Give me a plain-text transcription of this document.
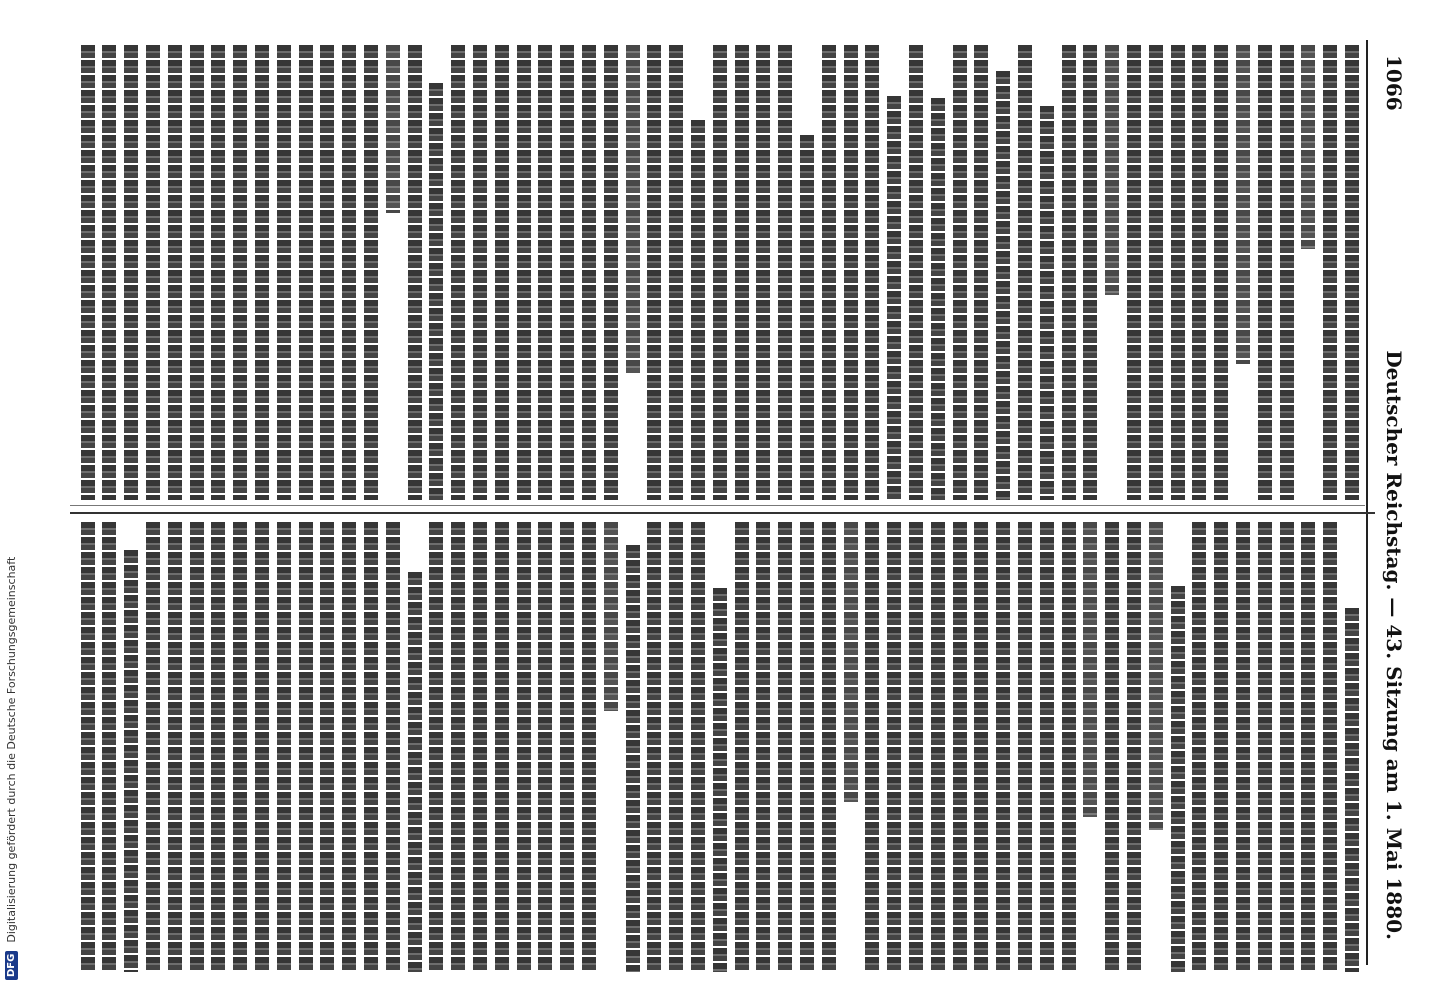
1066
Deutscher Reichstag. — 43. Sitzung am 1. Mai 1880.
DFG
Digitalisierung gefördert durch die Deutsche Forschungsgemeinschaft
